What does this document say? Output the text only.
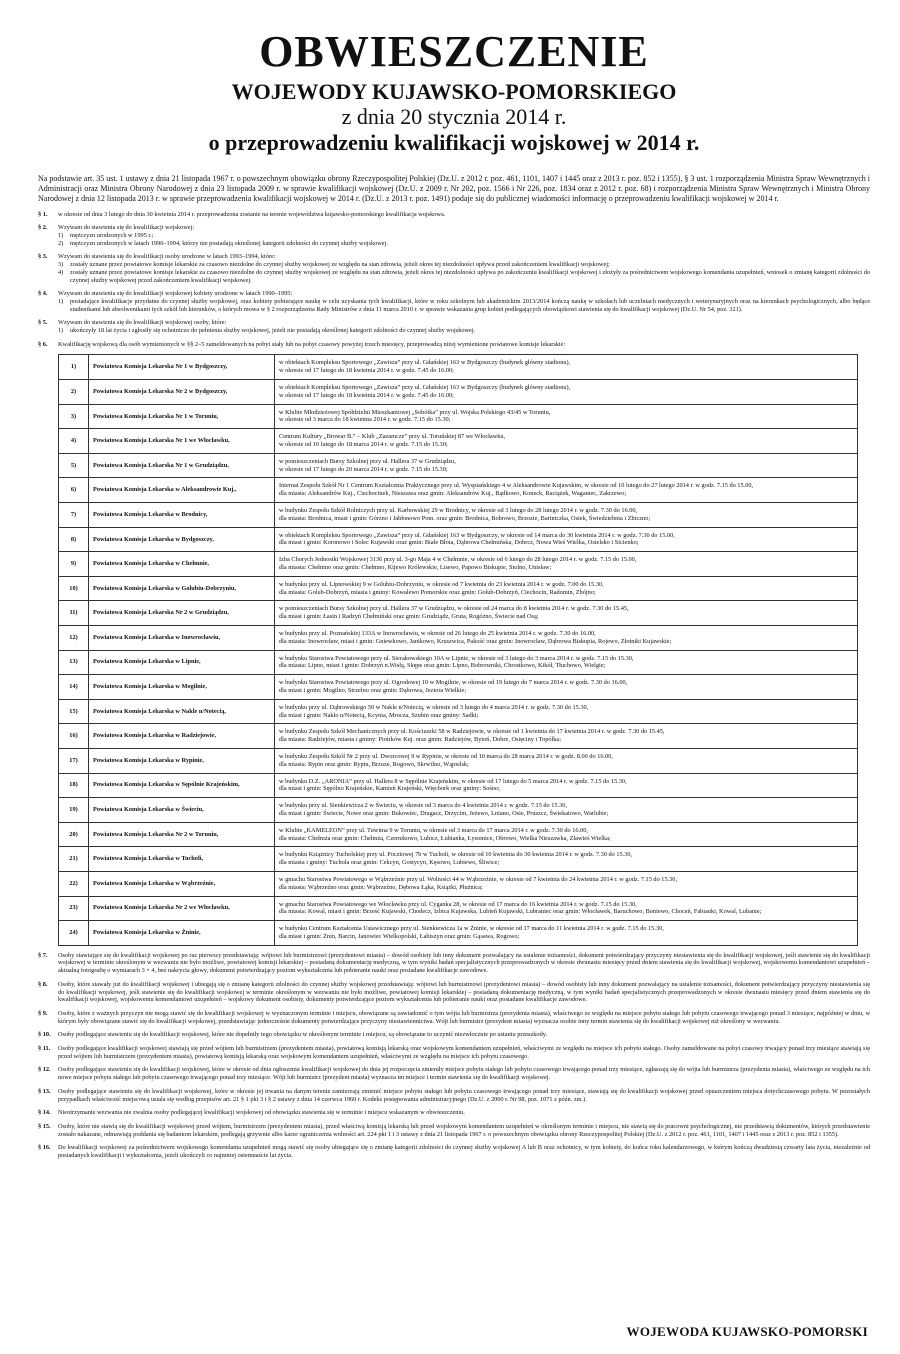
OBWIESZCZENIE
WOJEWODY KUJAWSKO-POMORSKIEGO
z dnia 20 stycznia 2014 r.
o przeprowadzeniu kwalifikacji wojskowej w 2014 r.
Na podstawie art. 35 ust. 1 ustawy z dnia 21 listopada 1967 r. o powszechnym obowiązku obrony Rzeczypospolitej Polskiej (Dz.U. z 2012 r. poz. 461, 1101, 1407 i 1445 oraz z 2013 r. poz. 852 i 1355), § 3 ust. 1 rozporządzenia Ministra Spraw Wewnętrznych i Administracji oraz Ministra Obrony Narodowej z dnia 23 listopada 2009 r. w sprawie kwalifikacji wojskowej (Dz.U. z 2009 r. Nr 202, poz. 1566 i Nr 226, poz. 1834 oraz z 2012 r. poz. 68) i rozporządzenia Ministra Spraw Wewnętrznych i Ministra Obrony Narodowej z dnia 12 listopada 2013 r. w sprawie przeprowadzenia kwalifikacji wojskowej w 2014 r. (Dz.U. z 2013 r. poz. 1491) podaje się do publicznej wiadomości informację o przeprowadzeniu kwalifikacji wojskowej w 2014 r.
§ 1.	w okresie od dnia 3 lutego do dnia 30 kwietnia 2014 r. przeprowadzona zostanie na terenie województwa kujawsko-pomorskiego kwalifikacja wojskowa.
§ 2.	Wzywam do stawienia się do kwalifikacji wojskowej:
1)	mężczyzn urodzonych w 1995 r.;
2)	mężczyzn urodzonych w latach 1990–1994, którzy nie posiadają określonej kategorii zdolności do czynnej służby wojskowej.
§ 3.	Wzywam do stawienia się do kwalifikacji osoby urodzone w latach 1993–1994, które:
3)	zostały uznane przez powiatowe komisje lekarskie za czasowo niezdolne do czynnej służby wojskowej ze względu na stan zdrowia, jeżeli okres tej niezdolności upływa przed zakończeniem kwalifikacji wojskowej;
4)	zostały uznane przez powiatowe komisje lekarskie za czasowo niezdolne do czynnej służby wojskowej ze względu na stan zdrowia, jeżeli okres tej niezdolności upływa po zakończeniu kwalifikacji wojskowej i złożyły za pośrednictwem wojskowego komendanta uzupełnień, wniosek o zmianę kategorii zdolności do czynnej służby wojskowej przed zakończeniem kwalifikacji wojskowej.
§ 4.	Wzywam do stawienia się do kwalifikacji wojskowej kobiety urodzone w latach 1990–1995:
1)	posiadające kwalifikacje przydatne do czynnej służby wojskowej, oraz kobiety pobierające naukę w celu uzyskania tych kwalifikacji, które w roku szkolnym lub akademickim 2013/2014 kończą naukę w szkołach lub uczelniach medycznych i weterynaryjnych oraz na kierunkach psychologicznych, albo będące studentkami lub absolwentkami tych szkół lub kierunków, o których mowa w § 2 rozporządzenia Rady Ministrów z dnia 11 marca 2010 r. w sprawie wskazania grup kobiet podlegających obowiązkowi stawienia się do kwalifikacji wojskowej (Dz.U. Nr 54, poz. 321).
§ 5.	Wzywam do stawienia się do kwalifikacji wojskowej osoby, które:
1)	ukończyły 18 lat życia i zgłosiły się ochotniczo do pełnienia służby wojskowej, jeżeli nie posiadają określonej kategorii zdolności do czynnej służby wojskowej.
§ 6.	Kwalifikację wojskową dla osób wymienionych w §§ 2–5 zameldowanych na pobyt stały lub na pobyt czasowy powyżej trzech miesięcy, przeprowadzą niżej wymienione powiatowe komisje lekarskie:
1)	Powiatowa Komisja Lekarska Nr 1 w Bydgoszczy,	w obiektach Kompleksu Sportowego „Zawisza” przy ul. Gdańskiej 163 w Bydgoszczy (budynek główny stadionu),
w okresie od 17 lutego do 18 kwietnia 2014 r. w godz. 7.45 do 16.00;

2)	Powiatowa Komisja Lekarska Nr 2 w Bydgoszczy,	w obiektach Kompleksu Sportowego „Zawisza” przy ul. Gdańskiej 163 w Bydgoszczy (budynek główny stadionu),
w okresie od 17 lutego do 18 kwietnia 2014 r. w godz. 7.45 do 16.00;

3)	Powiatowa Komisja Lekarska Nr 1 w Toruniu,	w Klubie Młodzieżowej Spółdzielni Mieszkaniowej „Sobótka” przy ul. Wojska Polskiego 43/45 w Toruniu,
w okresie od 3 marca do 18 kwietnia 2014 r. w godz. 7.15 do 15.30;

4)	Powiatowa Komisja Lekarska Nr 1 we Włocławku,	Centrum Kultury „Browar B.” – Klub „Zazamcze” przy ul. Toruńskiej 87 we Włocławku,
w okresie od 10 lutego do 18 marca 2014 r. w godz. 7.15 do 15.30;

5)	Powiatowa Komisja Lekarska Nr 1 w Grudziądzu,	w pomieszczeniach Bursy Szkolnej przy ul. Hallera 37 w Grudziądzu,
w okresie od 17 lutego do 20 marca 2014 r. w godz. 7.15 do 15.30;

6)	Powiatowa Komisja Lekarska w Aleksandrowie Kuj.,	Internat Zespołu Szkół Nr 1 Centrum Kształcenia Praktycznego przy ul. Wyspiańskiego 4 w Aleksandrowie Kujawskim, w okresie od 10 lutego do 27 lutego 2014 r. w godz. 7.15 do 15.00,
dla miasta: Aleksandrów Kuj., Ciechocinek, Nieszawa oraz gmin: Aleksandrów Kuj., Bądkowo, Koneck, Raciążek, Waganiec, Zakrzewo;

7)	Powiatowa Komisja Lekarska w Brodnicy,	w budynku Zespołu Szkół Rolniczych przy ul. Karbowskiej 29 w Brodnicy, w okresie od 3 lutego do 28 lutego 2014 r. w godz. 7.30 do 16.00,
dla miasta: Brodnica, miast i gmin: Górzno i Jabłonowo Pom. oraz gmin: Brodnica, Bobrowo, Brzozie, Bartniczka, Osiek, Świedziebnia i Zbiczno;

8)	Powiatowa Komisja Lekarska w Bydgoszczy,	w obiektach Kompleksu Sportowego „Zawisza” przy ul. Gdańskiej 163 w Bydgoszczy, w okresie od 14 marca do 30 kwietnia 2014 r. w godz. 7.30 do 15.00,
dla miast i gmin: Koronowo i Solec Kujawski oraz gmin: Białe Błota, Dąbrowa Chełmińska, Dobrcz, Nowa Wieś Wielka, Osielsko i Sicienko;

9)	Powiatowa Komisja Lekarska w Chełmnie,	Izba Chorych Jednostki Wojskowej 3136 przy ul. 3-go Maja 4 w Chełmnie, w okresie od 6 lutego do 28 lutego 2014 r. w godz. 7.15 do 15.00,
dla miasta: Chełmno oraz gmin: Chełmno, Kijewo Królewskie, Lisewo, Papowo Biskupie, Stolno, Unisław;

10)	Powiatowa Komisja Lekarska w Golubiu-Dobrzyniu,	w budynku przy ul. Lipnowskiej 9 w Golubiu-Dobrzyniu, w okresie od 7 kwietnia do 23 kwietnia 2014 r. w godz. 7.00 do 15.30,
dla miasta: Golub-Dobrzyń, miasta i gminy: Kowalewo Pomorskie oraz gmin: Golub-Dobrzyń, Ciechocin, Radomin, Zbójno;

11)	Powiatowa Komisja Lekarska Nr 2 w Grudziądzu,	w pomieszczeniach Bursy Szkolnej przy ul. Hallera 37 w Grudziądzu, w okresie od 24 marca do 8 kwietnia 2014 r. w godz. 7.30 do 15.45,
dla miast i gmin: Łasin i Radzyń Chełmiński oraz gmin: Grudziądz, Gruta, Rogóżno, Świecie nad Osą;

12)	Powiatowa Komisja Lekarska w Inowrocławiu,	w budynku przy ul. Poznańskiej 133A w Inowrocławiu, w okresie od 26 lutego do 25 kwietnia 2014 r. w godz. 7.30 do 16.00,
dla miasta: Inowrocław, miast i gmin: Gniewkowo, Janikowo, Kruszwica, Pakość oraz gmin: Inowrocław, Dąbrowa Biskupia, Rojewo, Złotniki Kujawskie;

13)	Powiatowa Komisja Lekarska w Lipnie,	w budynku Starostwa Powiatowego przy ul. Sierakowskiego 10A w Lipnie, w okresie od 3 lutego do 3 marca 2014 r. w godz. 7.15 do 15.30,
dla miasta: Lipno, miast i gmin: Dobrzyń n.Wisłą, Skępe oraz gmin: Lipno, Bobrowniki, Chrostkowo, Kikół, Tłuchowo, Wielgie;

14)	Powiatowa Komisja Lekarska w Mogilnie,	w budynku Starostwa Powiatowego przy ul. Ogrodowej 10 w Mogilnie, w okresie od 19 lutego do 7 marca 2014 r. w godz. 7.30 do 16.00,
dla miast i gmin: Mogilno, Strzelno oraz gmin: Dąbrowa, Jeziora Wielkie;

15)	Powiatowa Komisja Lekarska w Nakle n/Notecią,	w budynku przy ul. Dąbrowskiego 50 w Nakle n/Notecią, w okresie od 3 lutego do 4 marca 2014 r. w godz. 7.30 do 15.30,
dla miast i gmin: Nakło n/Notecią, Kcynia, Mrocza, Szubin oraz gminy: Sadki;

16)	Powiatowa Komisja Lekarska w Radziejowie,	w budynku Zespołu Szkół Mechanicznych przy ul. Kościuszki 58 w Radziejowie, w okresie od 1 kwietnia do 17 kwietnia 2014 r. w godz. 7.30 do 15.45,
dla miasta: Radziejów, miasta i gminy: Piotrków Kuj. oraz gmin: Radziejów, Bytoń, Dobre, Osięciny i Topólka;

17)	Powiatowa Komisja Lekarska w Rypinie,	w budynku Zespołu Szkół Nr 2 przy ul. Dworcowej 9 w Rypinie, w okresie od 10 marca do 28 marca 2014 r. w godz. 8.00 do 16.00,
dla miasta: Rypin oraz gmin: Rypin, Brzuze, Rogowo, Skrwilno, Wąpielsk;

18)	Powiatowa Komisja Lekarska w Sępólnie Krajeńskim,	w budynku D.Z. „ARONIA” przy ul. Hallera 8 w Sępólnie Krajeńskim, w okresie od 17 lutego do 5 marca 2014 r. w godz. 7.15 do 15.30,
dla miast i gmin: Sępólno Krajeńskie, Kamień Krajeński, Więcbork oraz gminy: Sośno;

19)	Powiatowa Komisja Lekarska w Świeciu,	w budynku przy ul. Sienkiewicza 2 w Świeciu, w okresie od 3 marca do 4 kwietnia 2014 r. w godz. 7.15 do 15.30,
dla miast i gmin: Świecie, Nowe oraz gmin: Bukowiec, Dragacz, Drzycim, Jeżewo, Lniano, Osie, Pruszcz, Świekatowo, Warlubie;

20)	Powiatowa Komisja Lekarska Nr 2 w Toruniu,	w Klubie „KAMELEON” przy ul. Tuwima 9 w Toruniu, w okresie od 3 marca do 17 marca 2014 r. w godz. 7.30 do 16.00,
dla miasta: Chełmża oraz gmin: Chełmża, Czernikowo, Lubicz, Łubianka, Łysomice, Obrowo, Wielka Nieszawka, Zławieś Wielka;

21)	Powiatowa Komisja Lekarska w Tucholi,	w budynku Książnicy Tucholskiej przy ul. Pocztowej 7b w Tucholi, w okresie od 10 kwietnia do 30 kwietnia 2014 r. w godz. 7.30 do 15.30,
dla miasta i gminy: Tuchola oraz gmin: Cekcyn, Gostycyn, Kęsowo, Lubiewo, Śliwice;

22)	Powiatowa Komisja Lekarska w Wąbrzeźnie,	w gmachu Starostwa Powiatowego w Wąbrzeźnie przy ul. Wolności 44 w Wąbrzeźnie, w okresie od 7 kwietnia do 24 kwietnia 2014 r. w godz. 7.15 do 15.30,
dla miasta: Wąbrzeźno oraz gmin: Wąbrzeźno, Dębowa Łąka, Książki, Płużnica;

23)	Powiatowa Komisja Lekarska Nr 2 we Włocławku,	w gmachu Starostwa Powiatowego we Włocławku przy ul. Cyganka 28, w okresie od 17 marca do 16 kwietnia 2014 r. w godz. 7.15 do 15.30,
dla miasta: Kowal, miast i gmin: Brześć Kujawski, Chodecz, Izbica Kujawska, Lubień Kujawski, Lubraniec oraz gmin: Włocławek, Baruchowo, Boniewo, Choceń, Fabianki, Kowal, Lubanie;

24)	Powiatowa Komisja Lekarska w Żninie,	w budynku Centrum Kształcenia Ustawicznego przy ul. Sienkiewicza 1a w Żninie, w okresie od 17 marca do 11 kwietnia 2014 r. w godz. 7.15 do 15.30,
dla miast i gmin: Żnin, Barcin, Janowiec Wielkopolski, Łabiszyn oraz gmin: Gąsawa, Rogowo;
§ 7.	Osoby stawiające się do kwalifikacji wojskowej po raz pierwszy przedstawiają: wójtowi lub burmistrzowi (prezydentowi miasta) – dowód osobisty lub inny dokument pozwalający na ustalenie tożsamości, dokument potwierdzający przyczyny niestawienia się do kwalifikacji wojskowej, jeśli stawienie się do kwalifikacji wojskowej w terminie określonym w wezwaniu nie było możliwe, powiatowej komisji lekarskiej – posiadaną dokumentację medyczną, w tym wyniki badań specjalistycznych przeprowadzonych w okresie dwunastu miesięcy przed dniem stawienia się do kwalifikacji wojskowej, wojskowemu komendantowi uzupełnień – aktualną fotografię o wymiarach 3 × 4, bez nakrycia głowy, dokument potwierdzający poziom wykształcenia lub pobieranie nauki oraz posiadane kwalifikacje zawodowe.
§ 8.	Osoby, które stawały już do kwalifikacji wojskowej i ubiegają się o zmianę kategorii zdolności do czynnej służby wojskowej przedstawiają: wójtowi lub burmistrzowi (prezydentowi miasta) – dowód osobisty lub inny dokument pozwalający na ustalenie tożsamości, dokument potwierdzający przyczyny niestawienia się do kwalifikacji wojskowej, jeśli stawienie się do kwalifikacji wojskowej w terminie określonym w wezwaniu nie było możliwe, powiatowej komisji lekarskiej – posiadaną dokumentację medyczną, w tym wyniki badań specjalistycznych przeprowadzonych w okresie dwunastu miesięcy przed dniem stawienia się do kwalifikacji wojskowej, wojskowemu komendantowi uzupełnień – wojskowy dokument osobisty, dokumenty potwierdzające poziom wykształcenia lub pobieranie nauki oraz posiadane kwalifikacje zawodowe.
§ 9.	Osoby, które z ważnych przyczyn nie mogą stawić się do kwalifikacji wojskowej w wyznaczonym terminie i miejscu, obowiązane są zawiadomić o tym wójta lub burmistrza (prezydenta miasta), właściwego ze względu na miejsce pobytu stałego lub pobytu czasowego trwającego ponad 3 miesiące, najpóźniej w dniu, w którym były obowiązane stawić się do kwalifikacji wojskowej, przedstawiając jednocześnie dokumenty potwierdzające przyczyny niestawiennictwa. Wójt lub burmistrz (prezydent miasta) wyznacza osobie inny termin stawienia się do kwalifikacji wojskowej niż określony w wezwaniu.
§ 10.	Osoby podlegające stawieniu się do kwalifikacji wojskowej, które nie dopełniły tego obowiązku w określonym terminie i miejscu, są obowiązane to uczynić niezwłocznie po ustaniu przeszkody.
§ 11.	Osoby podlegające kwalifikacji wojskowej stawiają się przed wójtem lub burmistrzem (prezydentem miasta), powiatową komisją lekarską oraz wojskowym komendantem uzupełnień, właściwymi ze względu na miejsce ich pobytu stałego. Osoby zameldowane na pobyt czasowy trwający ponad trzy miesiące stawiają się przed wójtem lub burmistrzem (prezydentem miasta), powiatową komisją lekarską oraz wojskowym komendantem uzupełnień, właściwymi ze względu na miejsce ich pobytu czasowego.
§ 12.	Osoby podlegające stawieniu się do kwalifikacji wojskowej, które w okresie od dnia ogłoszenia kwalifikacji wojskowej do dnia jej rozpoczęcia zmieniły miejsce pobytu stałego lub pobytu czasowego trwającego ponad trzy miesiące, zgłaszają się do wójta lub burmistrza (prezydenta miasta), właściwego ze względu na ich nowe miejsce pobytu stałego lub pobytu czasowego trwającego ponad trzy miesiące. Wójt lub burmistrz (prezydent miasta) wyznacza im miejsce i termin stawienia się do kwalifikacji wojskowej.
§ 13.	Osoby podlegające stawieniu się do kwalifikacji wojskowej, które w okresie jej trwania na danym terenie zamierzają zmienić miejsce pobytu stałego lub pobytu czasowego trwającego ponad trzy miesiące, stawiają się do kwalifikacji wojskowej przed opuszczeniem miejsca dotychczasowego pobytu. W pozostałych przypadkach właściwość miejscową ustala się według przepisów art. 21 § 1 pkt 3 i § 2 ustawy z dnia 14 czerwca 1960 r. Kodeks postępowania administracyjnego (Dz.U. z 2000 r. Nr 98, poz. 1071 z późn. zm.).
§ 14.	Nieotrzymanie wezwania nie zwalnia osoby podlegającej kwalifikacji wojskowej od obowiązku stawienia się w terminie i miejscu wskazanym w obwieszczeniu.
§ 15.	Osoby, które nie stawią się do kwalifikacji wojskowej przed wójtem, burmistrzem (prezydentem miasta), przed właściwą komisją lekarską lub przed wojskowym komendantem uzupełnień w określonym terminie i miejscu, nie stawią się do pracowni psychologicznej, nie przedstawią dokumentów, których przedstawienie zostało nakazane, odmawiają poddania się badaniom lekarskim, podlegają grzywnie albo karze ograniczenia wolności art. 224 pkt 1 i 3 ustawy z dnia 21 listopada 1967 r. o powszechnym obowiązku obrony Rzeczypospolitej Polskiej (Dz.U. z 2012 r. poz. 461, 1101, 1407 i 1445 oraz z 2013 r. poz. 852 i 1355).
§ 16.	Do kwalifikacji wojskowej za pośrednictwem wojskowego komendanta uzupełnień mogą stawić się osoby ubiegające się o zmianę kategorii zdolności do czynnej służby wojskowej A lub B oraz ochotnicy, w tym kobiety, do końca roku kalendarzowego, w którym kończą dwudziestą czwarty lata życia, niezależnie od posiadanych kwalifikacji i wykształcenia, jeżeli ukończyli co najmniej osiemnaście lat życia.
WOJEWODA KUJAWSKO-POMORSKI
